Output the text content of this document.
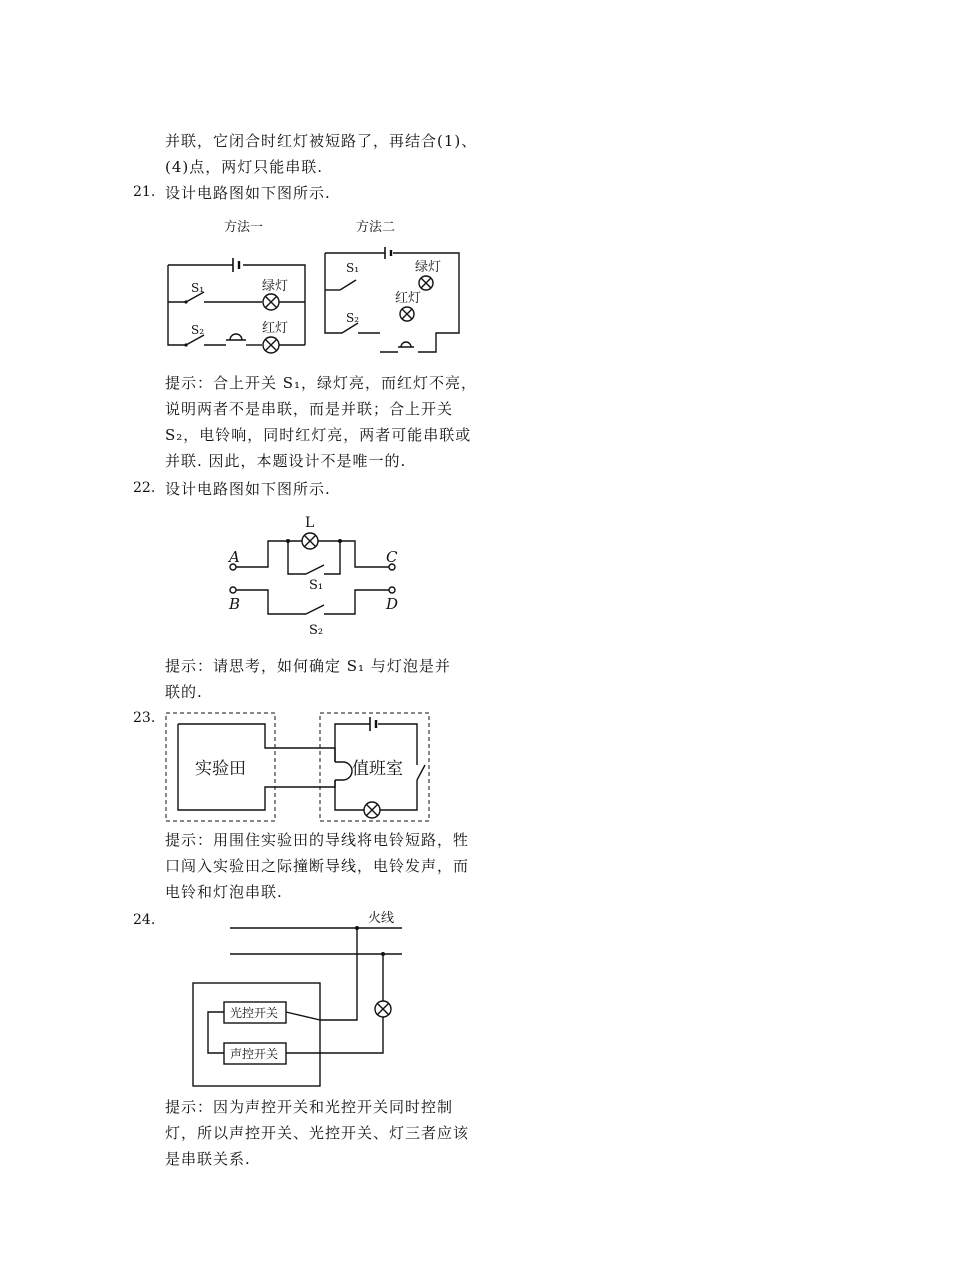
并联，它闭合时红灯被短路了，再结合(1)、
(4)点，两灯只能串联.
21. 设计电路图如下图所示.
方法一	方法二
S₁	绿灯
S₂	红灯
S₁
S₂
绿灯
红灯
提示：合上开关 S₁，绿灯亮，而红灯不亮，
说明两者不是串联，而是并联；合上开关
S₂，电铃响，同时红灯亮，两者可能串联或
并联. 因此，本题设计不是唯一的.
22. 设计电路图如下图所示.
L
A
B
C
D
S₁
S₂
提示：请思考，如何确定 S₁ 与灯泡是并
联的.
23.
实验田	值班室
提示：用围住实验田的导线将电铃短路，牲
口闯入实验田之际撞断导线，电铃发声，而
电铃和灯泡串联.
24.	火线
光控开关
声控开关
提示：因为声控开关和光控开关同时控制
灯，所以声控开关、光控开关、灯三者应该
是串联关系.
